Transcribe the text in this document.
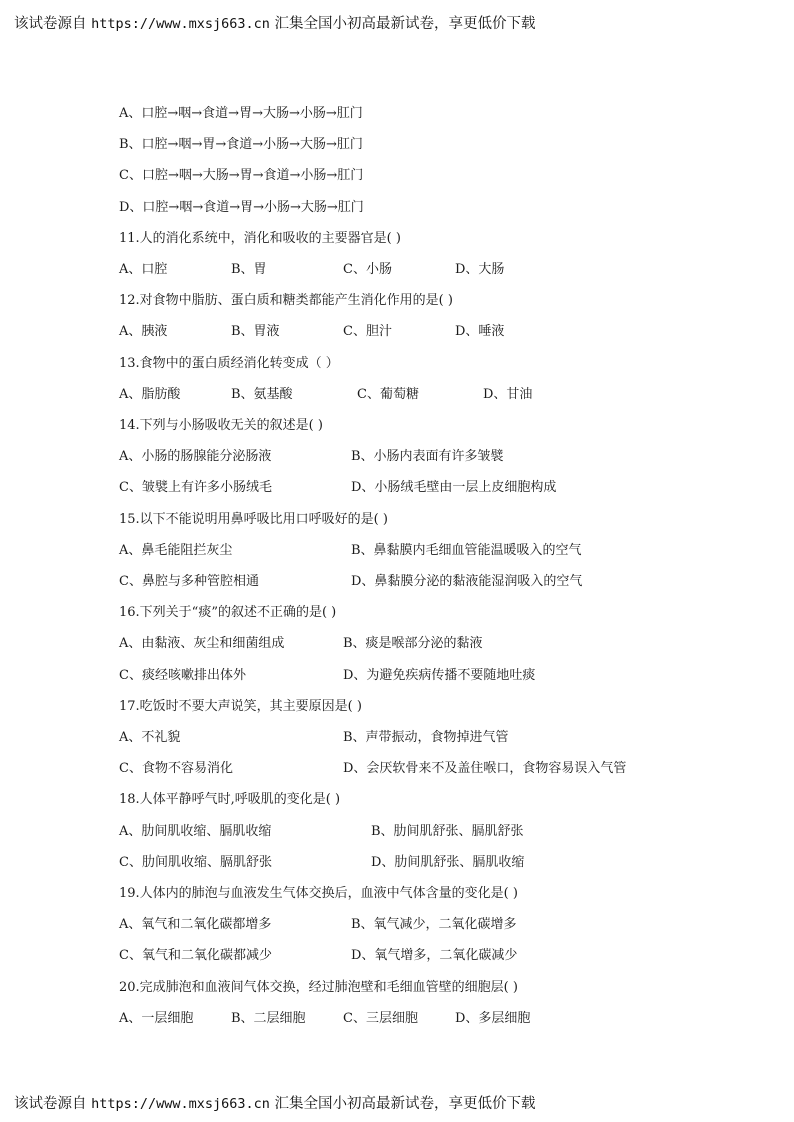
该试卷源自 https://www.mxsj663.cn 汇集全国小初高最新试卷，享更低价下载
A、口腔→咽→食道→胃→大肠→小肠→肛门
B、口腔→咽→胃→食道→小肠→大肠→肛门
C、口腔→咽→大肠→胃→食道→小肠→肛门
D、口腔→咽→食道→胃→小肠→大肠→肛门
11.人的消化系统中，消化和吸收的主要器官是( )
A、口腔	B、胃	C、小肠	D、大肠
12.对食物中脂肪、蛋白质和糖类都能产生消化作用的是( )
A、胰液	B、胃液	C、胆汁	D、唾液
13.食物中的蛋白质经消化转变成（ ）
A、脂肪酸	B、氨基酸	C、葡萄糖	D、甘油
14.下列与小肠吸收无关的叙述是( )
A、小肠的肠腺能分泌肠液	B、小肠内表面有许多皱襞
C、皱襞上有许多小肠绒毛	D、小肠绒毛壁由一层上皮细胞构成
15.以下不能说明用鼻呼吸比用口呼吸好的是( )
A、鼻毛能阻拦灰尘	B、鼻黏膜内毛细血管能温暖吸入的空气
C、鼻腔与多种管腔相通	D、鼻黏膜分泌的黏液能湿润吸入的空气
16.下列关于“痰”的叙述不正确的是( )
A、由黏液、灰尘和细菌组成	B、痰是喉部分泌的黏液
C、痰经咳嗽排出体外	D、为避免疾病传播不要随地吐痰
17.吃饭时不要大声说笑，其主要原因是( )
A、不礼貌	B、声带振动，食物掉进气管
C、食物不容易消化	D、会厌软骨来不及盖住喉口，食物容易误入气管
18.人体平静呼气时,呼吸肌的变化是( )
A、肋间肌收缩、膈肌收缩	B、肋间肌舒张、膈肌舒张
C、肋间肌收缩、膈肌舒张	D、肋间肌舒张、膈肌收缩
19.人体内的肺泡与血液发生气体交换后，血液中气体含量的变化是( )
A、氧气和二氧化碳都增多	B、氧气减少，二氧化碳增多
C、氧气和二氧化碳都减少	D、氧气增多，二氧化碳减少
20.完成肺泡和血液间气体交换，经过肺泡壁和毛细血管壁的细胞层( )
A、一层细胞	B、二层细胞	C、三层细胞	D、多层细胞
该试卷源自 https://www.mxsj663.cn 汇集全国小初高最新试卷，享更低价下载
